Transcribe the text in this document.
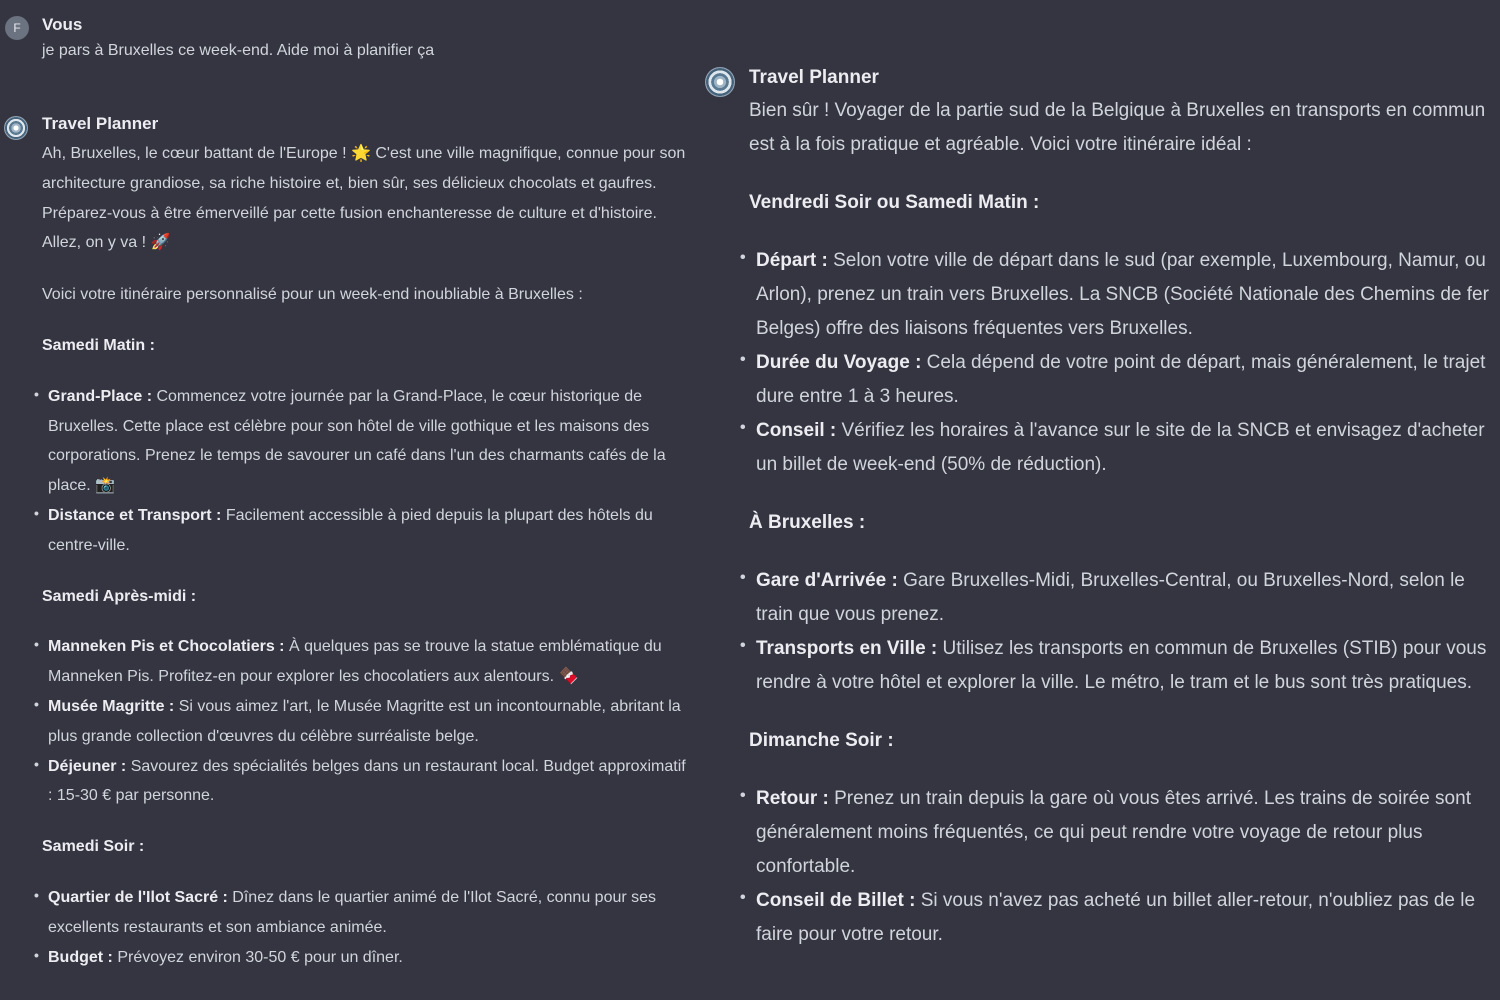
F Vous
je pars à Bruxelles ce week-end. Aide moi à planifier ça
Travel Planner

Ah, Bruxelles, le cœur battant de l'Europe ! 🌟 C'est une ville magnifique, connue pour son architecture grandiose, sa riche histoire et, bien sûr, ses délicieux chocolats et gaufres. Préparez-vous à être émerveillé par cette fusion enchanteresse de culture et d'histoire. Allez, on y va ! 🚀

Voici votre itinéraire personnalisé pour un week-end inoubliable à Bruxelles :

Samedi Matin :

• Grand-Place : Commencez votre journée par la Grand-Place, le cœur historique de Bruxelles. Cette place est célèbre pour son hôtel de ville gothique et les maisons des corporations. Prenez le temps de savourer un café dans l'un des charmants cafés de la place. 📸
• Distance et Transport : Facilement accessible à pied depuis la plupart des hôtels du centre-ville.

Samedi Après-midi :

• Manneken Pis et Chocolatiers : À quelques pas se trouve la statue emblématique du Manneken Pis. Profitez-en pour explorer les chocolatiers aux alentours. 🍫
• Musée Magritte : Si vous aimez l'art, le Musée Magritte est un incontournable, abritant la plus grande collection d'œuvres du célèbre surréaliste belge.
• Déjeuner : Savourez des spécialités belges dans un restaurant local. Budget approximatif : 15-30 € par personne.

Samedi Soir :

• Quartier de l'Ilot Sacré : Dînez dans le quartier animé de l'Ilot Sacré, connu pour ses excellents restaurants et son ambiance animée.
• Budget : Prévoyez environ 30-50 € pour un dîner.
Travel Planner

Bien sûr ! Voyager de la partie sud de la Belgique à Bruxelles en transports en commun est à la fois pratique et agréable. Voici votre itinéraire idéal :

Vendredi Soir ou Samedi Matin :

• Départ : Selon votre ville de départ dans le sud (par exemple, Luxembourg, Namur, ou Arlon), prenez un train vers Bruxelles. La SNCB (Société Nationale des Chemins de fer Belges) offre des liaisons fréquentes vers Bruxelles.
• Durée du Voyage : Cela dépend de votre point de départ, mais généralement, le trajet dure entre 1 à 3 heures.
• Conseil : Vérifiez les horaires à l'avance sur le site de la SNCB et envisagez d'acheter un billet de week-end (50% de réduction).

À Bruxelles :

• Gare d'Arrivée : Gare Bruxelles-Midi, Bruxelles-Central, ou Bruxelles-Nord, selon le train que vous prenez.
• Transports en Ville : Utilisez les transports en commun de Bruxelles (STIB) pour vous rendre à votre hôtel et explorer la ville. Le métro, le tram et le bus sont très pratiques.

Dimanche Soir :

• Retour : Prenez un train depuis la gare où vous êtes arrivé. Les trains de soirée sont généralement moins fréquentés, ce qui peut rendre votre voyage de retour plus confortable.
• Conseil de Billet : Si vous n'avez pas acheté un billet aller-retour, n'oubliez pas de le faire pour votre retour.
